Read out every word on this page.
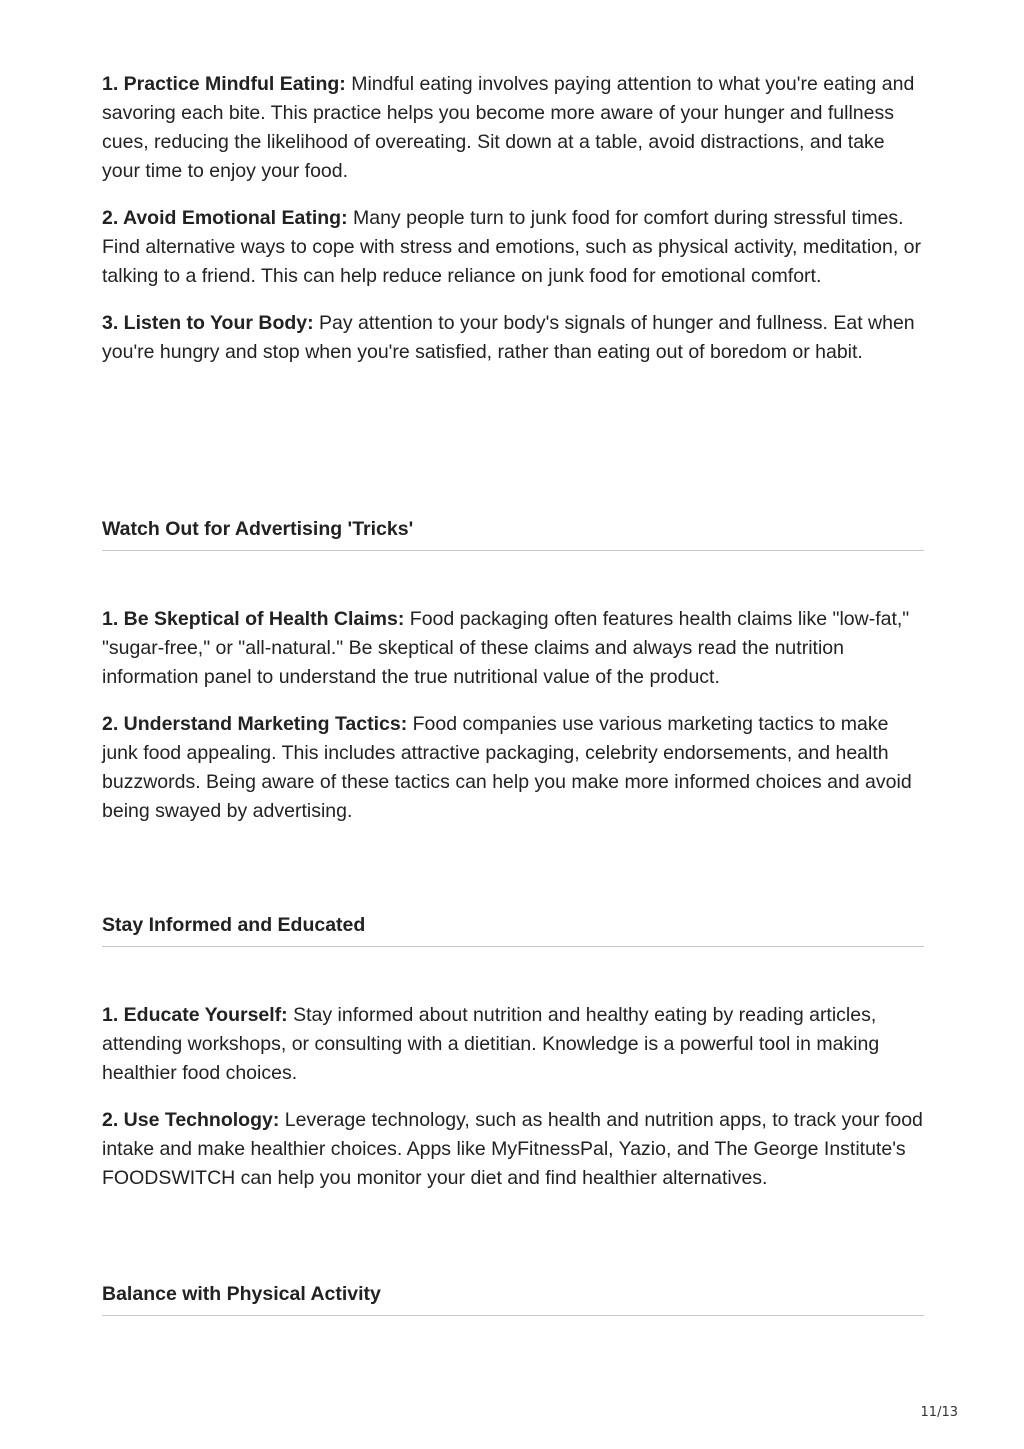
1. Practice Mindful Eating: Mindful eating involves paying attention to what you're eating and savoring each bite. This practice helps you become more aware of your hunger and fullness cues, reducing the likelihood of overeating. Sit down at a table, avoid distractions, and take your time to enjoy your food.

2. Avoid Emotional Eating: Many people turn to junk food for comfort during stressful times. Find alternative ways to cope with stress and emotions, such as physical activity, meditation, or talking to a friend. This can help reduce reliance on junk food for emotional comfort.

3. Listen to Your Body: Pay attention to your body's signals of hunger and fullness. Eat when you're hungry and stop when you're satisfied, rather than eating out of boredom or habit.

Watch Out for Advertising 'Tricks'

1. Be Skeptical of Health Claims: Food packaging often features health claims like "low-fat," "sugar-free," or "all-natural." Be skeptical of these claims and always read the nutrition information panel to understand the true nutritional value of the product.

2. Understand Marketing Tactics: Food companies use various marketing tactics to make junk food appealing. This includes attractive packaging, celebrity endorsements, and health buzzwords. Being aware of these tactics can help you make more informed choices and avoid being swayed by advertising.

Stay Informed and Educated

1. Educate Yourself: Stay informed about nutrition and healthy eating by reading articles, attending workshops, or consulting with a dietitian. Knowledge is a powerful tool in making healthier food choices.

2. Use Technology: Leverage technology, such as health and nutrition apps, to track your food intake and make healthier choices. Apps like MyFitnessPal, Yazio, and The George Institute's FOODSWITCH can help you monitor your diet and find healthier alternatives.

Balance with Physical Activity
11/13
